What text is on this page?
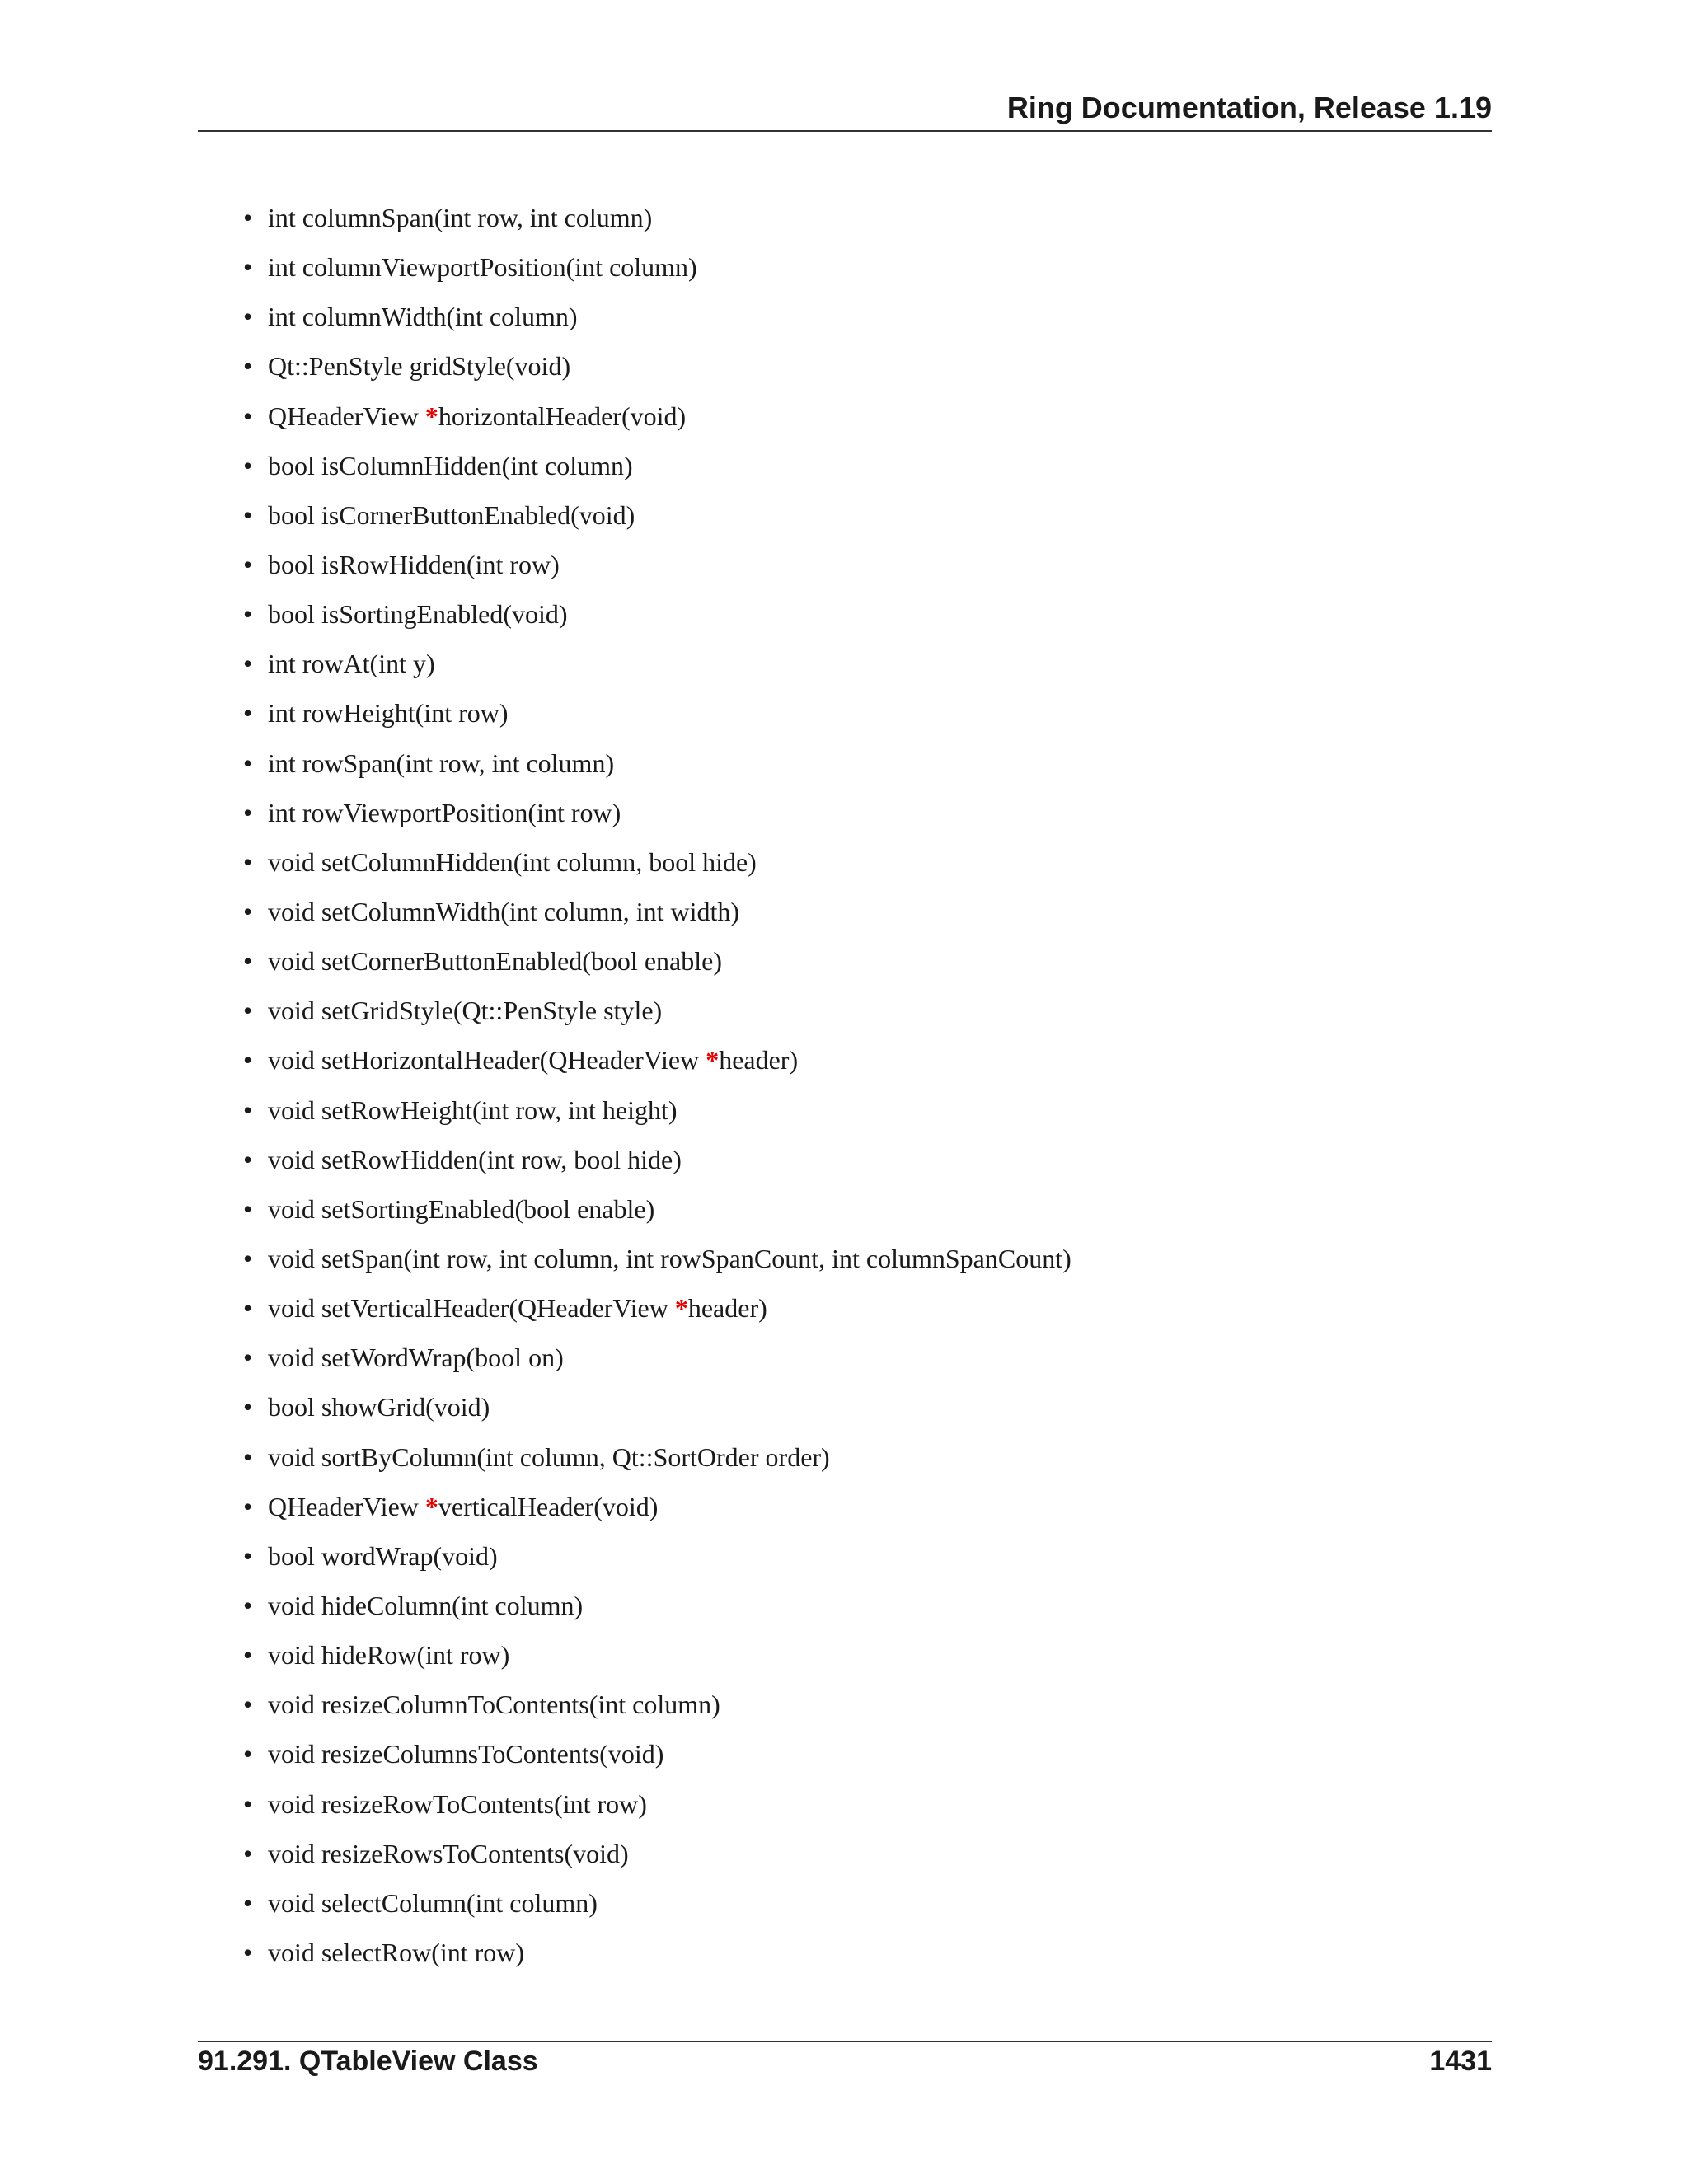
Ring Documentation, Release 1.19
• int columnSpan(int row, int column)
• int columnViewportPosition(int column)
• int columnWidth(int column)
• Qt::PenStyle gridStyle(void)
• QHeaderView *horizontalHeader(void)
• bool isColumnHidden(int column)
• bool isCornerButtonEnabled(void)
• bool isRowHidden(int row)
• bool isSortingEnabled(void)
• int rowAt(int y)
• int rowHeight(int row)
• int rowSpan(int row, int column)
• int rowViewportPosition(int row)
• void setColumnHidden(int column, bool hide)
• void setColumnWidth(int column, int width)
• void setCornerButtonEnabled(bool enable)
• void setGridStyle(Qt::PenStyle style)
• void setHorizontalHeader(QHeaderView *header)
• void setRowHeight(int row, int height)
• void setRowHidden(int row, bool hide)
• void setSortingEnabled(bool enable)
• void setSpan(int row, int column, int rowSpanCount, int columnSpanCount)
• void setVerticalHeader(QHeaderView *header)
• void setWordWrap(bool on)
• bool showGrid(void)
• void sortByColumn(int column, Qt::SortOrder order)
• QHeaderView *verticalHeader(void)
• bool wordWrap(void)
• void hideColumn(int column)
• void hideRow(int row)
• void resizeColumnToContents(int column)
• void resizeColumnsToContents(void)
• void resizeRowToContents(int row)
• void resizeRowsToContents(void)
• void selectColumn(int column)
• void selectRow(int row)
91.291. QTableView Class	1431
